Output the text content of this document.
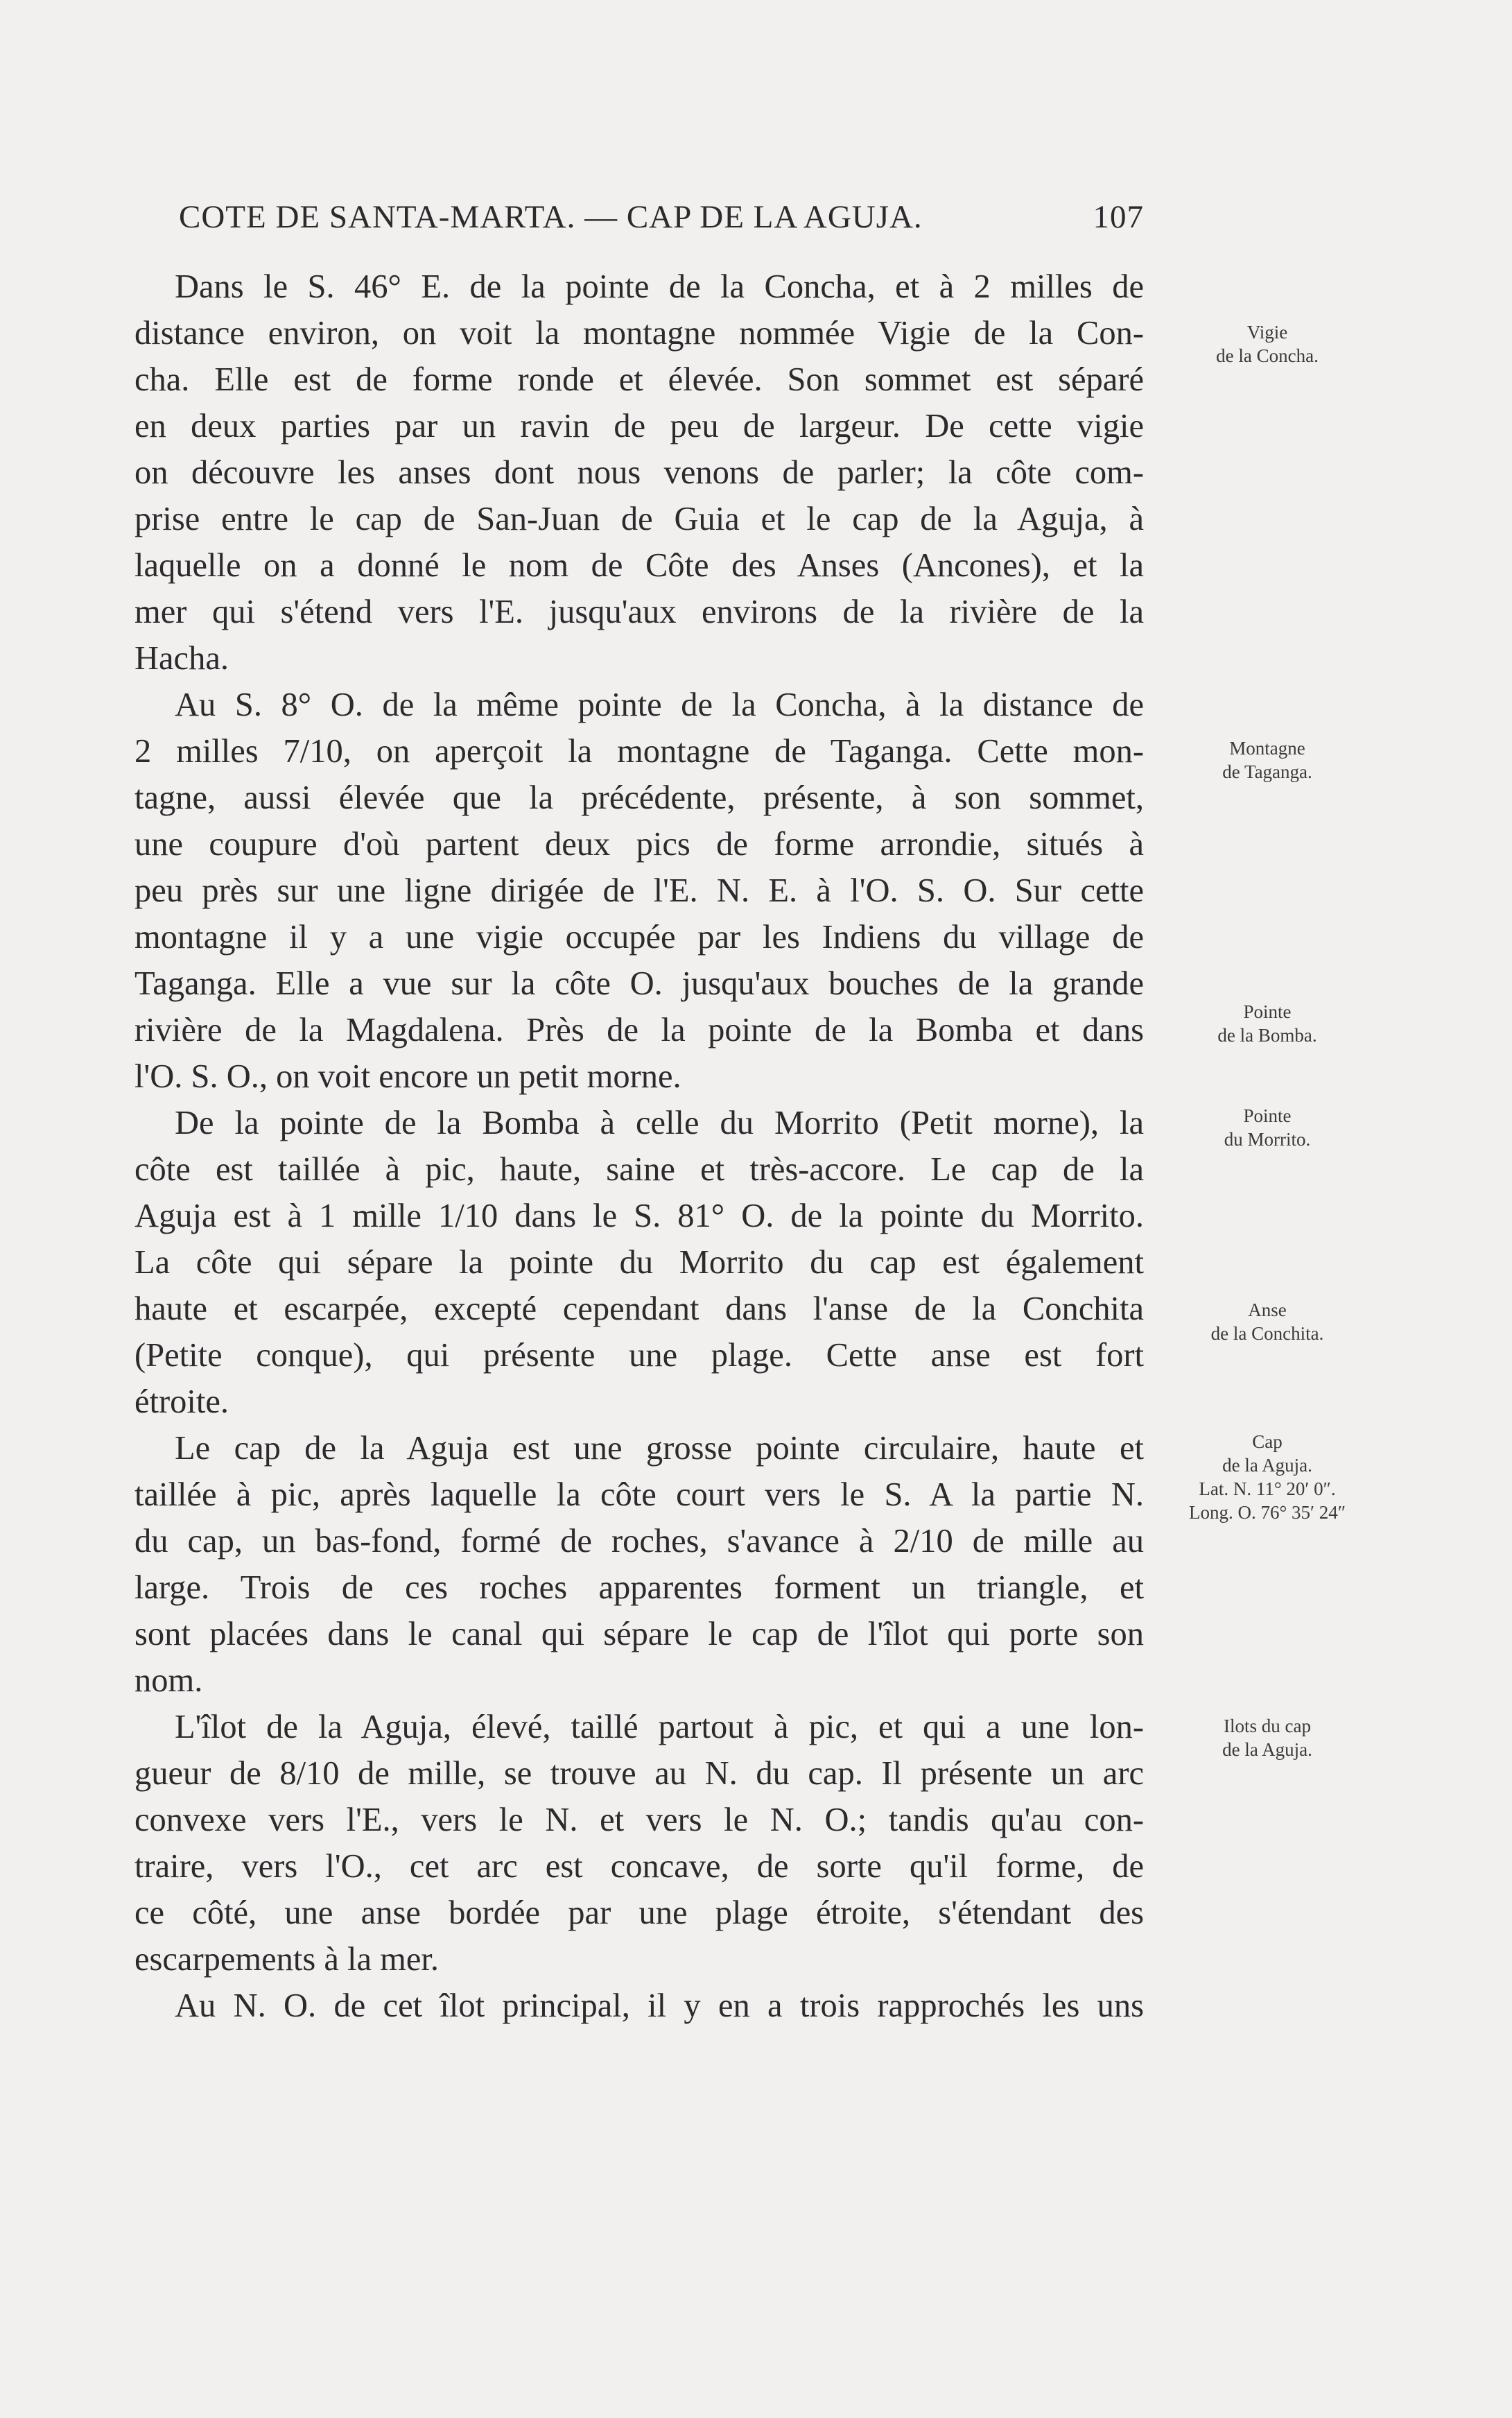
COTE DE SANTA-MARTA. — CAP DE LA AGUJA.	107
Dans le S. 46° E. de la pointe de la Concha, et à 2 milles de
distance environ, on voit la montagne nommée Vigie de la Con-
cha. Elle est de forme ronde et élevée. Son sommet est séparé
en deux parties par un ravin de peu de largeur. De cette vigie
on découvre les anses dont nous venons de parler; la côte com-
prise entre le cap de San-Juan de Guia et le cap de la Aguja, à
laquelle on a donné le nom de Côte des Anses (Ancones), et la
mer qui s'étend vers l'E. jusqu'aux environs de la rivière de la
Hacha.
Au S. 8° O. de la même pointe de la Concha, à la distance de
2 milles 7/10, on aperçoit la montagne de Taganga. Cette mon-
tagne, aussi élevée que la précédente, présente, à son sommet,
une coupure d'où partent deux pics de forme arrondie, situés à
peu près sur une ligne dirigée de l'E. N. E. à l'O. S. O. Sur cette
montagne il y a une vigie occupée par les Indiens du village de
Taganga. Elle a vue sur la côte O. jusqu'aux bouches de la grande
rivière de la Magdalena. Près de la pointe de la Bomba et dans
l'O. S. O., on voit encore un petit morne.
De la pointe de la Bomba à celle du Morrito (Petit morne), la
côte est taillée à pic, haute, saine et très-accore. Le cap de la
Aguja est à 1 mille 1/10 dans le S. 81° O. de la pointe du Morrito.
La côte qui sépare la pointe du Morrito du cap est également
haute et escarpée, excepté cependant dans l'anse de la Conchita
(Petite conque), qui présente une plage. Cette anse est fort
étroite.
Le cap de la Aguja est une grosse pointe circulaire, haute et
taillée à pic, après laquelle la côte court vers le S. A la partie N.
du cap, un bas-fond, formé de roches, s'avance à 2/10 de mille au
large. Trois de ces roches apparentes forment un triangle, et
sont placées dans le canal qui sépare le cap de l'îlot qui porte son
nom.
L'îlot de la Aguja, élevé, taillé partout à pic, et qui a une lon-
gueur de 8/10 de mille, se trouve au N. du cap. Il présente un arc
convexe vers l'E., vers le N. et vers le N. O.; tandis qu'au con-
traire, vers l'O., cet arc est concave, de sorte qu'il forme, de
ce côté, une anse bordée par une plage étroite, s'étendant des
escarpements à la mer.
Au N. O. de cet îlot principal, il y en a trois rapprochés les uns
Vigie
de la Concha.
Montagne
de Taganga.
Pointe
de la Bomba.
Pointe
du Morrito.
Anse
de la Conchita.
Cap
de la Aguja.
Lat. N. 11° 20′ 0″.
Long. O. 76° 35′ 24″
Ilots du cap
de la Aguja.
